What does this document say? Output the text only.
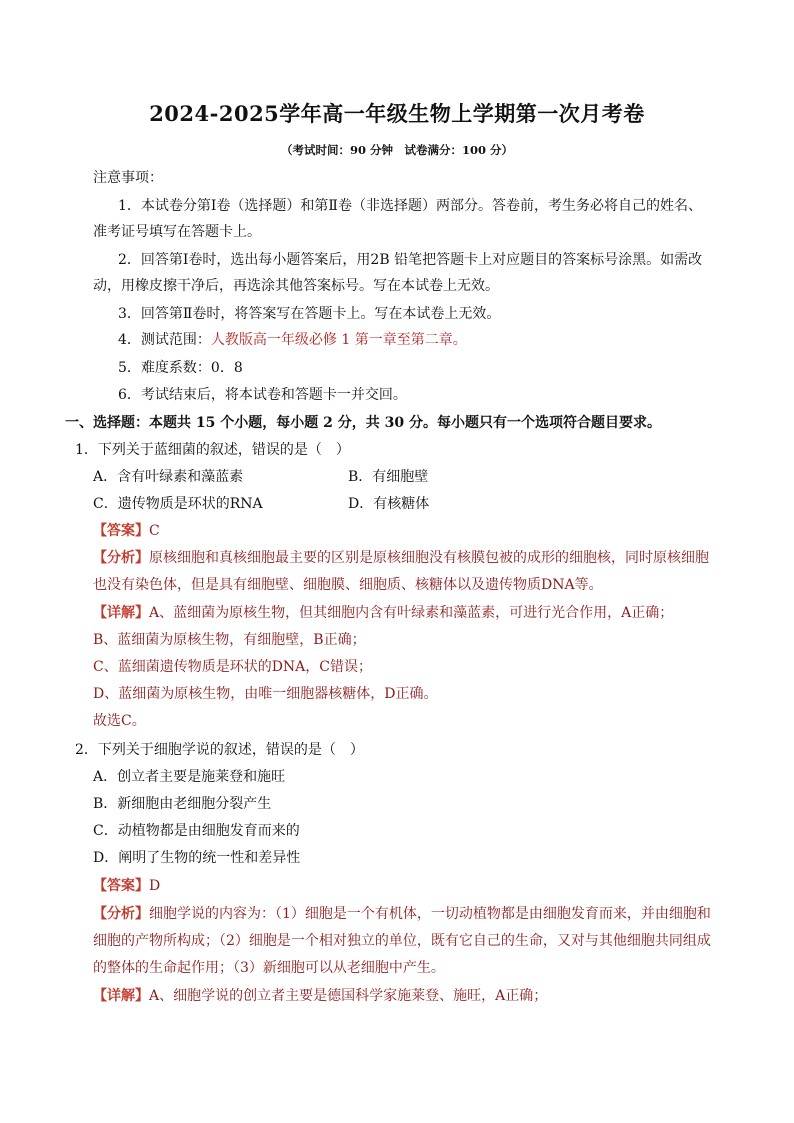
2024-2025学年高一年级生物上学期第一次月考卷
（考试时间：90 分钟　试卷满分：100 分）
注意事项：
1．本试卷分第Ⅰ卷（选择题）和第Ⅱ卷（非选择题）两部分。答卷前，考生务必将自己的姓名、
准考证号填写在答题卡上。
2．回答第Ⅰ卷时，选出每小题答案后，用2B 铅笔把答题卡上对应题目的答案标号涂黑。如需改
动，用橡皮擦干净后，再选涂其他答案标号。写在本试卷上无效。
3．回答第Ⅱ卷时，将答案写在答题卡上。写在本试卷上无效。
4．测试范围：人教版高一年级必修 1 第一章至第二章。
5．难度系数：0．8
6．考试结束后，将本试卷和答题卡一并交回。
一、选择题：本题共 15 个小题，每小题 2 分，共 30 分。每小题只有一个选项符合题目要求。
1．下列关于蓝细菌的叙述，错误的是（　）
A．含有叶绿素和藻蓝素	B．有细胞壁
C．遗传物质是环状的RNA	D．有核糖体
【答案】C
【分析】原核细胞和真核细胞最主要的区别是原核细胞没有核膜包被的成形的细胞核，同时原核细胞
也没有染色体，但是具有细胞壁、细胞膜、细胞质、核糖体以及遗传物质DNA等。
【详解】A、蓝细菌为原核生物，但其细胞内含有叶绿素和藻蓝素，可进行光合作用，A正确；
B、蓝细菌为原核生物，有细胞壁，B正确；
C、蓝细菌遗传物质是环状的DNA，C错误；
D、蓝细菌为原核生物，由唯一细胞器核糖体，D正确。
故选C。
2．下列关于细胞学说的叙述，错误的是（　）
A．创立者主要是施莱登和施旺
B．新细胞由老细胞分裂产生
C．动植物都是由细胞发育而来的
D．阐明了生物的统一性和差异性
【答案】D
【分析】细胞学说的内容为：（1）细胞是一个有机体，一切动植物都是由细胞发育而来，并由细胞和
细胞的产物所构成；（2）细胞是一个相对独立的单位，既有它自己的生命，又对与其他细胞共同组成
的整体的生命起作用；（3）新细胞可以从老细胞中产生。
【详解】A、细胞学说的创立者主要是德国科学家施莱登、施旺，A正确；
